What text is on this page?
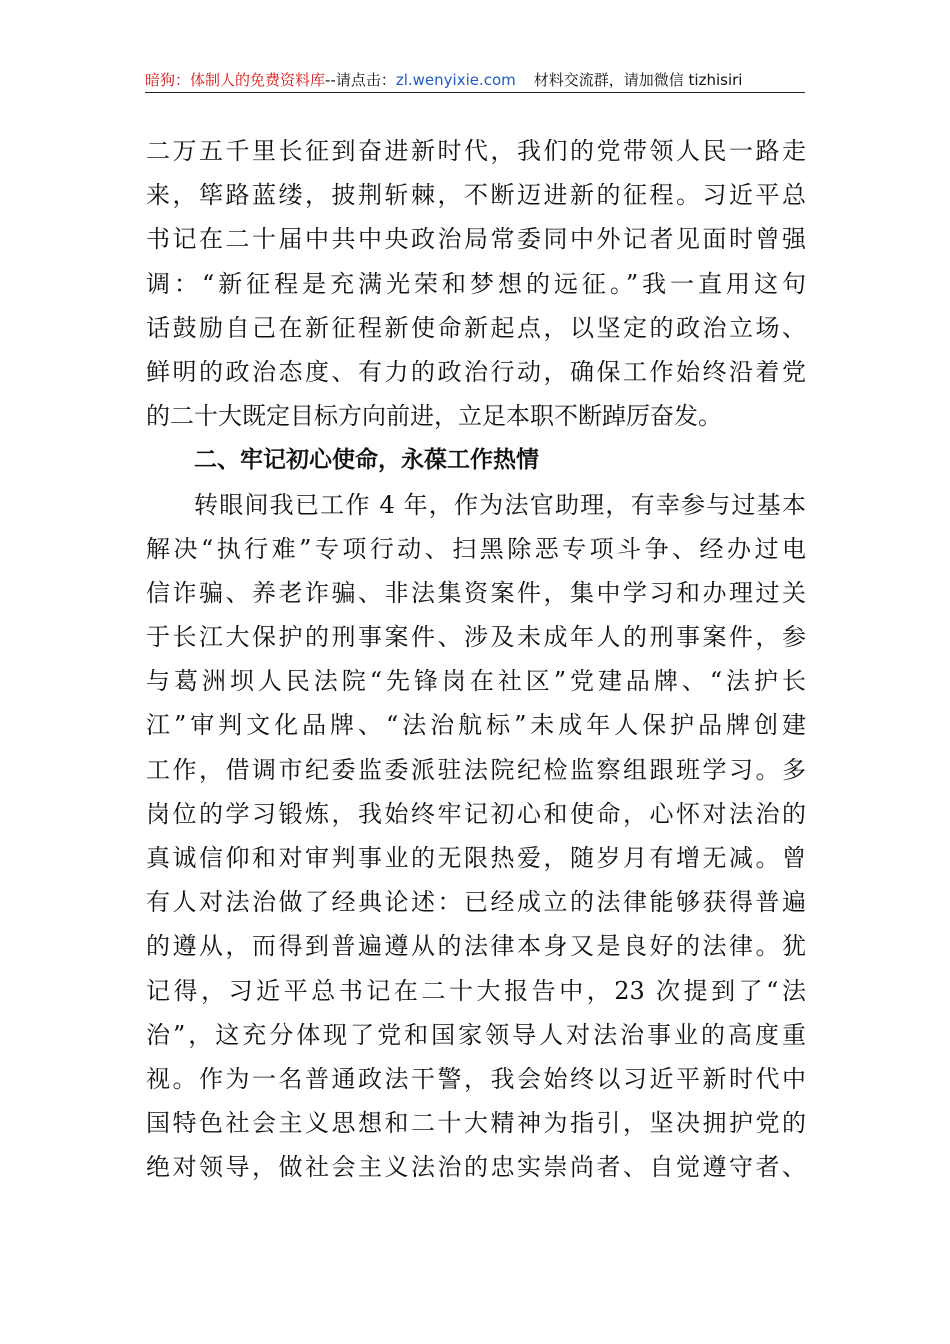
暗狗：体制人的免费资料库--请点击：zl.wenyixie.com 材料交流群，请加微信 tizhisiri
二万五千里长征到奋进新时代，我们的党带领人民一路走
来，筚路蓝缕，披荆斩棘，不断迈进新的征程。习近平总
书记在二十届中共中央政治局常委同中外记者见面时曾强
调：“新征程是充满光荣和梦想的远征。”我一直用这句
话鼓励自己在新征程新使命新起点，以坚定的政治立场、
鲜明的政治态度、有力的政治行动，确保工作始终沿着党
的二十大既定目标方向前进，立足本职不断踔厉奋发。
二、牢记初心使命，永葆工作热情
转眼间我已工作 4 年，作为法官助理，有幸参与过基本
解决“执行难”专项行动、扫黑除恶专项斗争、经办过电
信诈骗、养老诈骗、非法集资案件，集中学习和办理过关
于长江大保护的刑事案件、涉及未成年人的刑事案件，参
与葛洲坝人民法院“先锋岗在社区”党建品牌、“法护长
江”审判文化品牌、“法治航标”未成年人保护品牌创建
工作，借调市纪委监委派驻法院纪检监察组跟班学习。多
岗位的学习锻炼，我始终牢记初心和使命，心怀对法治的
真诚信仰和对审判事业的无限热爱，随岁月有增无减。曾
有人对法治做了经典论述：已经成立的法律能够获得普遍
的遵从，而得到普遍遵从的法律本身又是良好的法律。犹
记得，习近平总书记在二十大报告中，23 次提到了“法
治”，这充分体现了党和国家领导人对法治事业的高度重
视。作为一名普通政法干警，我会始终以习近平新时代中
国特色社会主义思想和二十大精神为指引，坚决拥护党的
绝对领导，做社会主义法治的忠实崇尚者、自觉遵守者、
